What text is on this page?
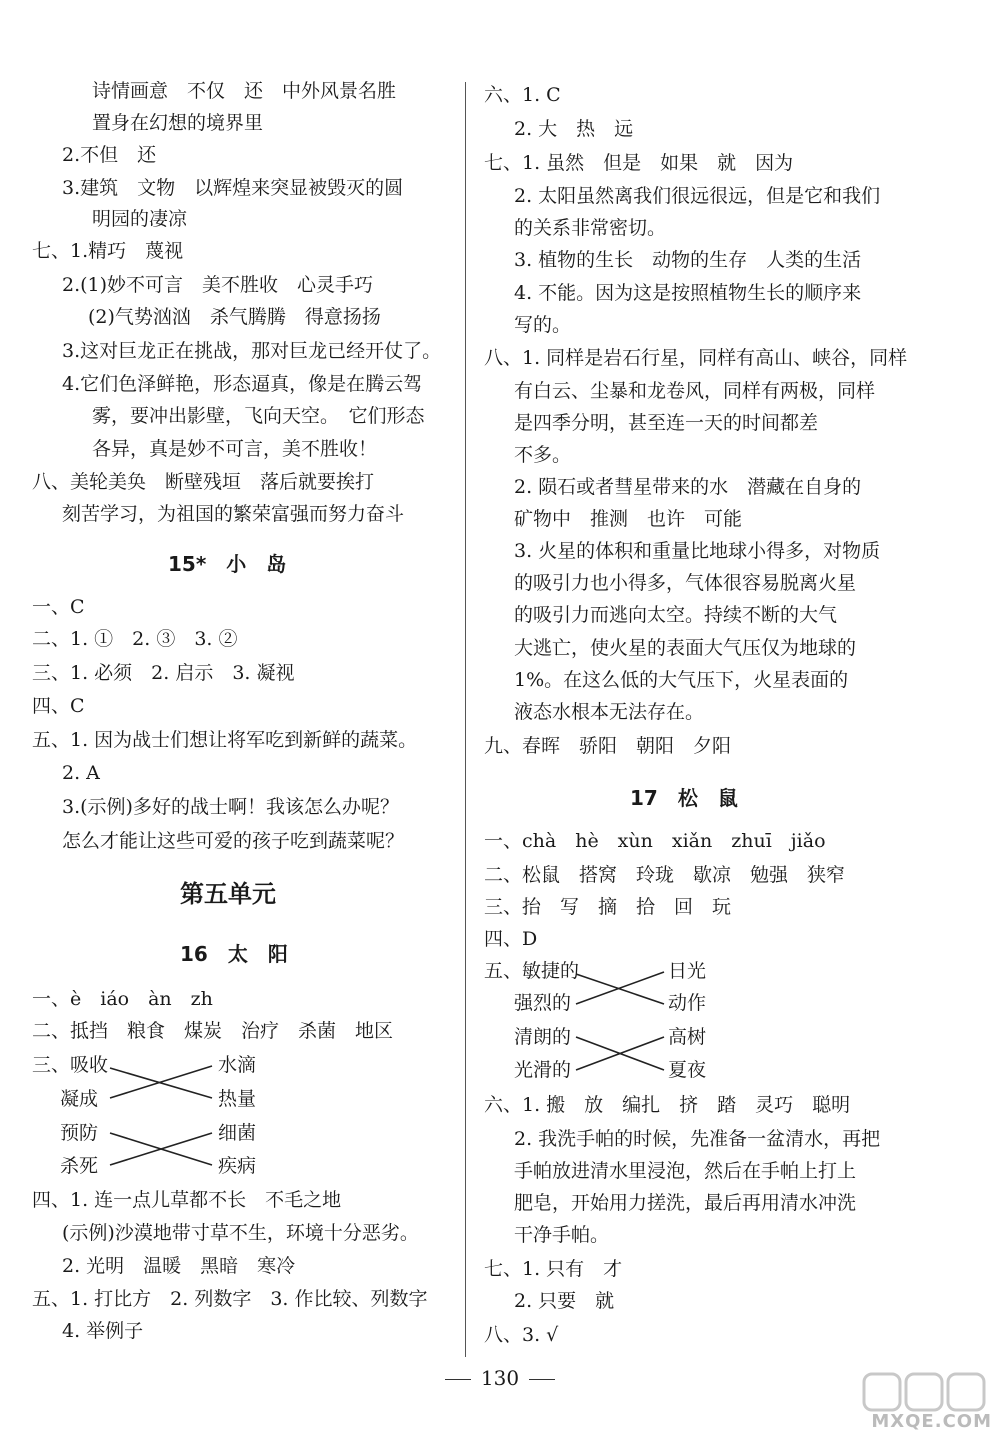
诗情画意　不仅　还　中外风景名胜
置身在幻想的境界里
2.不但　还
3.建筑　文物　以辉煌来突显被毁灭的圆
明园的凄凉
七、1.精巧　蔑视
2.(1)妙不可言　美不胜收　心灵手巧
(2)气势汹汹　杀气腾腾　得意扬扬
3.这对巨龙正在挑战，那对巨龙已经开仗了。
4.它们色泽鲜艳，形态逼真，像是在腾云驾
雾，要冲出影壁，飞向天空。　它们形态
各异，真是妙不可言，美不胜收！
八、美轮美奂　断壁残垣　落后就要挨打
刻苦学习，为祖国的繁荣富强而努力奋斗
15*　小　岛
一、C
二、1. ①　2. ③　3. ②
三、1. 必须　2. 启示　3. 凝视
四、C
五、1. 因为战士们想让将军吃到新鲜的蔬菜。
2. A
3.(示例)多好的战士啊！我该怎么办呢？
怎么才能让这些可爱的孩子吃到蔬菜呢？
第五单元
16　太　阳
一、è　iáo　àn　zh
二、抵挡　粮食　煤炭　治疗　杀菌　地区
三、吸收	水滴
凝成	热量
预防	细菌
杀死	疾病
四、1. 连一点儿草都不长　不毛之地
(示例)沙漠地带寸草不生，环境十分恶劣。
2. 光明　温暖　黑暗　寒冷
五、1. 打比方　2. 列数字　3. 作比较、列数字
4. 举例子
六、1. C
2. 大　热　远
七、1. 虽然　但是　如果　就　因为
2. 太阳虽然离我们很远很远，但是它和我们
的关系非常密切。
3. 植物的生长　动物的生存　人类的生活
4. 不能。因为这是按照植物生长的顺序来
写的。
八、1. 同样是岩石行星，同样有高山、峡谷，同样
有白云、尘暴和龙卷风，同样有两极，同样
是四季分明，甚至连一天的时间都差
不多。
2. 陨石或者彗星带来的水　潜藏在自身的
矿物中　推测　也许　可能
3. 火星的体积和重量比地球小得多，对物质
的吸引力也小得多，气体很容易脱离火星
的吸引力而逃向太空。持续不断的大气
大逃亡，使火星的表面大气压仅为地球的
1%。在这么低的大气压下，火星表面的
液态水根本无法存在。
九、春晖　骄阳　朝阳　夕阳
17　松　鼠
一、chà　hè　xùn　xiǎn　zhuī　jiǎo
二、松鼠　搭窝　玲珑　歇凉　勉强　狭窄
三、抬　写　摘　拾　回　玩
四、D
五、敏捷的	日光
强烈的	动作
清朗的	高树
光滑的	夏夜
六、1. 搬　放　编扎　挤　踏　灵巧　聪明
2. 我洗手帕的时候，先准备一盆清水，再把
手帕放进清水里浸泡，然后在手帕上打上
肥皂，开始用力搓洗，最后再用清水冲洗
干净手帕。
七、1. 只有　才
2. 只要　就
八、3. √
130
MXQE.COM
